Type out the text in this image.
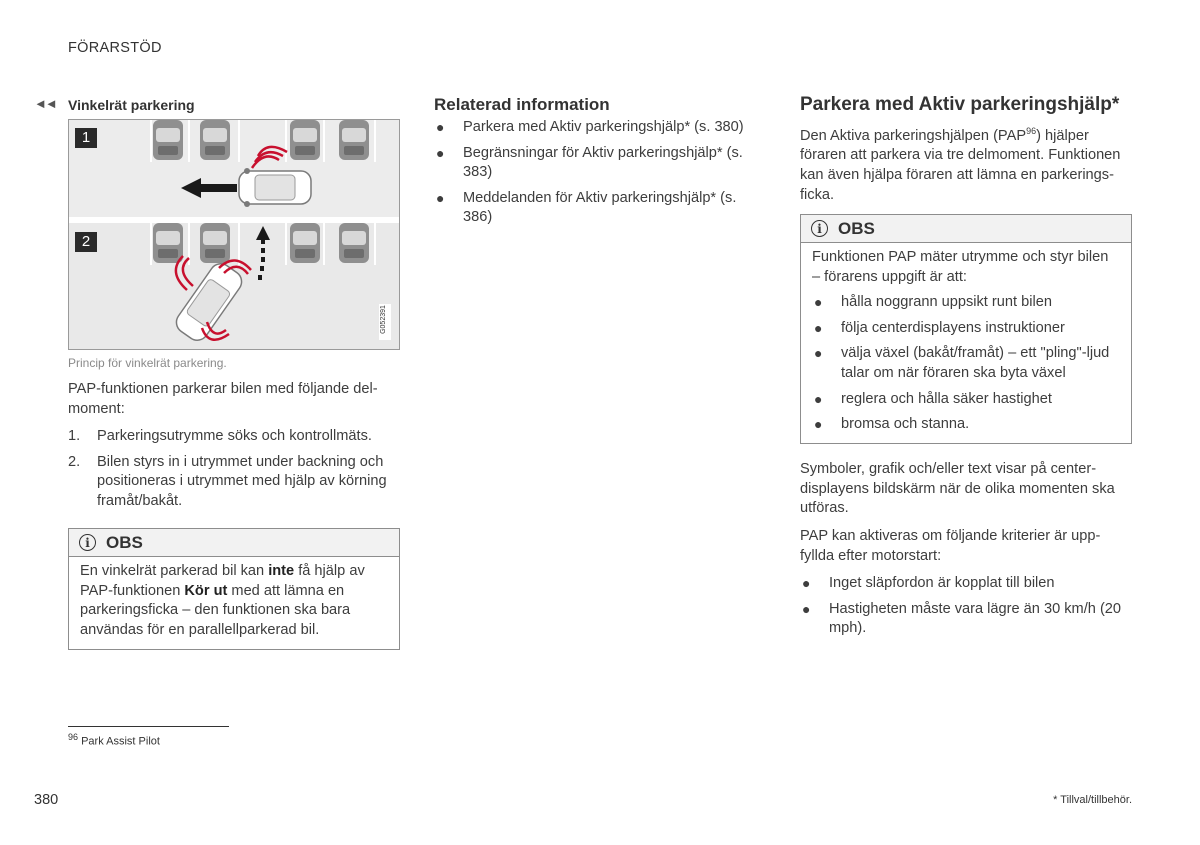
FÖRARSTÖD
◄◄ Vinkelrät parkering
1
2
G052391
Princip för vinkelrät parkering.
PAP-funktionen parkerar bilen med följande del-moment:
1. Parkeringsutrymme söks och kontrollmäts.
2. Bilen styrs in i utrymmet under backning och positioneras i utrymmet med hjälp av körning framåt/bakåt.
i OBS
En vinkelrät parkerad bil kan inte få hjälp av PAP-funktionen Kör ut med att lämna en parkeringsficka – den funktionen ska bara användas för en parallellparkerad bil.
Relaterad information
● Parkera med Aktiv parkeringshjälp* (s. 380)
● Begränsningar för Aktiv parkeringshjälp* (s. 383)
● Meddelanden för Aktiv parkeringshjälp* (s. 386)
Parkera med Aktiv parkeringshjälp*
Den Aktiva parkeringshjälpen (PAP$^{96}$) hjälper föraren att parkera via tre delmoment. Funktionen kan även hjälpa föraren att lämna en parkerings-ficka.
i OBS
Funktionen PAP mäter utrymme och styr bilen – förarens uppgift är att:
● hålla noggrann uppsikt runt bilen
● följa centerdisplayens instruktioner
● välja växel (bakåt/framåt) – ett "pling"-ljud talar om när föraren ska byta växel
● reglera och hålla säker hastighet
● bromsa och stanna.
Symboler, grafik och/eller text visar på center-displayens bildskärm när de olika momenten ska utföras.
PAP kan aktiveras om följande kriterier är upp-fyllda efter motorstart:
● Inget släpfordon är kopplat till bilen
● Hastigheten måste vara lägre än 30 km/h (20 mph).
$^{96}$ Park Assist Pilot
380	* Tillval/tillbehör.
